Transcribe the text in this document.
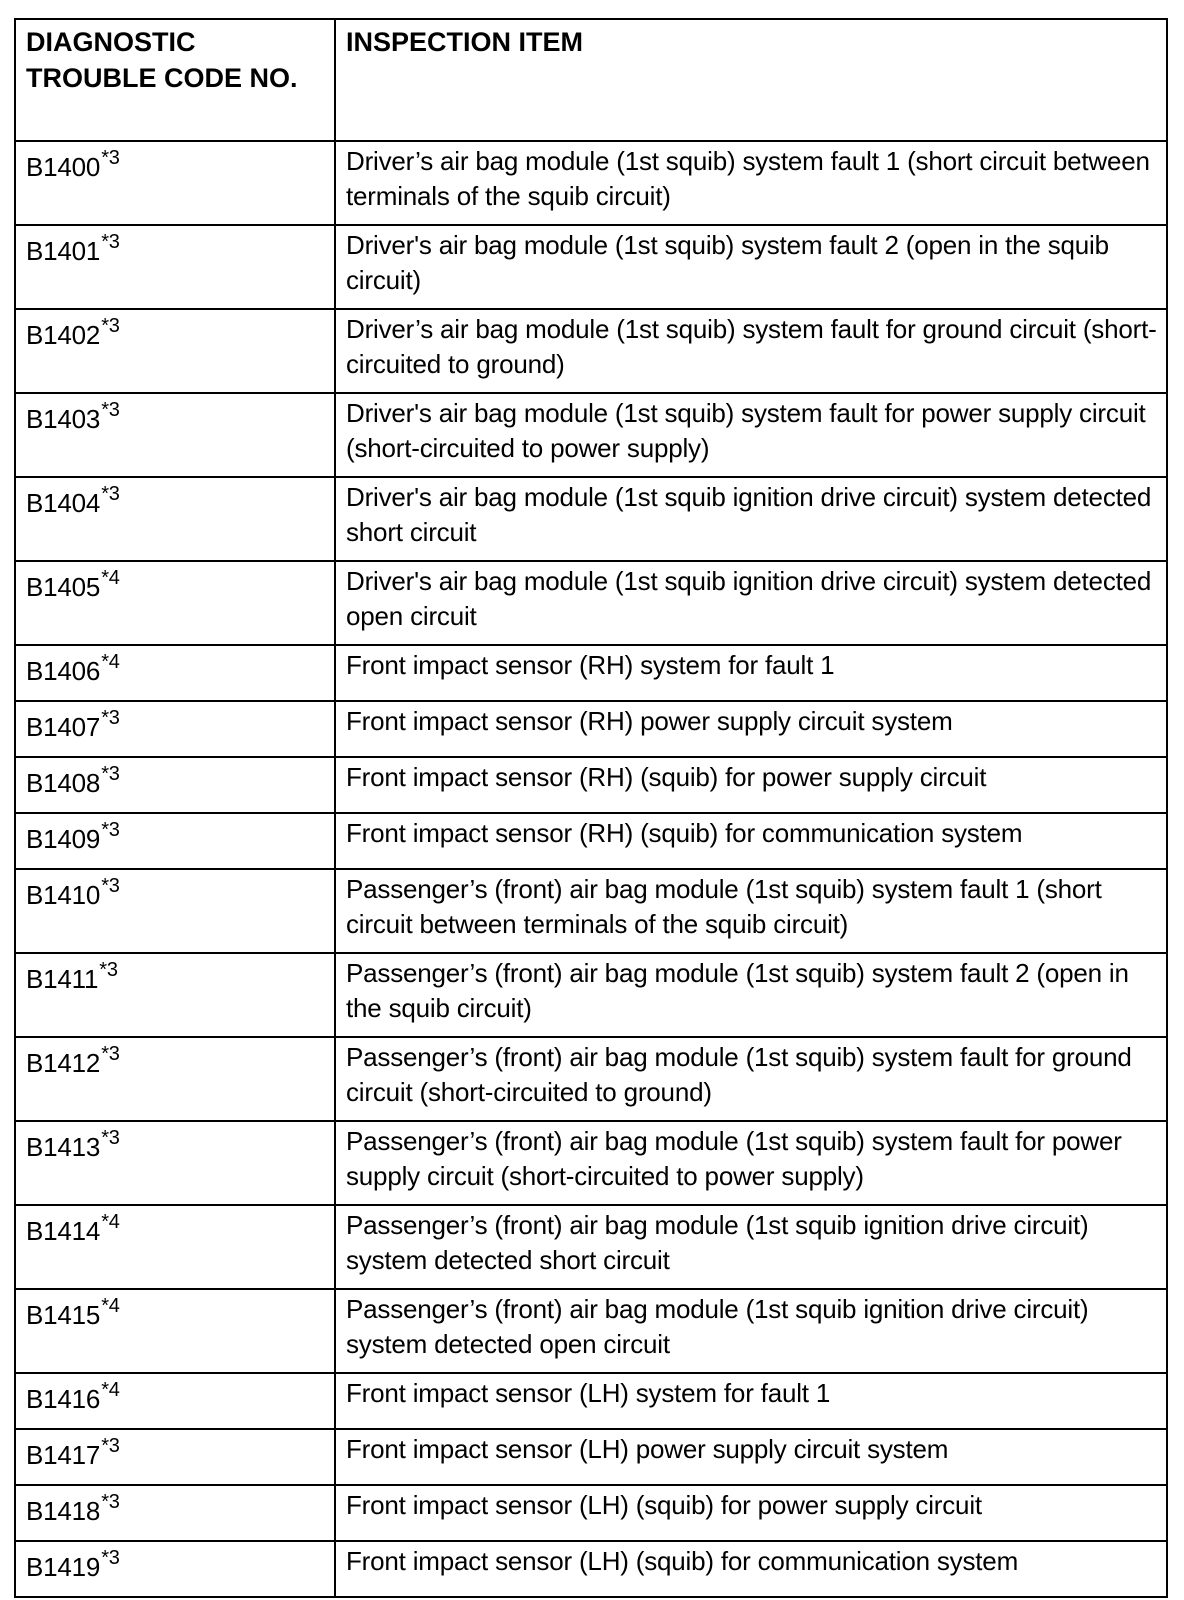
DIAGNOSTIC TROUBLE CODE NO.	INSPECTION ITEM
B1400$^{*3}$	Driver’s air bag module (1st squib) system fault 1 (short circuit between terminals of the squib circuit)
B1401$^{*3}$	Driver's air bag module (1st squib) system fault 2 (open in the squib circuit)
B1402$^{*3}$	Driver’s air bag module (1st squib) system fault for ground circuit (short-circuited to ground)
B1403$^{*3}$	Driver's air bag module (1st squib) system fault for power supply circuit (short-circuited to power supply)
B1404$^{*3}$	Driver's air bag module (1st squib ignition drive circuit) system detected short circuit
B1405$^{*4}$	Driver's air bag module (1st squib ignition drive circuit) system detected open circuit
B1406$^{*4}$	Front impact sensor (RH) system for fault 1
B1407$^{*3}$	Front impact sensor (RH) power supply circuit system
B1408$^{*3}$	Front impact sensor (RH) (squib) for power supply circuit
B1409$^{*3}$	Front impact sensor (RH) (squib) for communication system
B1410$^{*3}$	Passenger’s (front) air bag module (1st squib) system fault 1 (short circuit between terminals of the squib circuit)
B1411$^{*3}$	Passenger’s (front) air bag module (1st squib) system fault 2 (open in the squib circuit)
B1412$^{*3}$	Passenger’s (front) air bag module (1st squib) system fault for ground circuit (short-circuited to ground)
B1413$^{*3}$	Passenger’s (front) air bag module (1st squib) system fault for power supply circuit (short-circuited to power supply)
B1414$^{*4}$	Passenger’s (front) air bag module (1st squib ignition drive circuit) system detected short circuit
B1415$^{*4}$	Passenger’s (front) air bag module (1st squib ignition drive circuit) system detected open circuit
B1416$^{*4}$	Front impact sensor (LH) system for fault 1
B1417$^{*3}$	Front impact sensor (LH) power supply circuit system
B1418$^{*3}$	Front impact sensor (LH) (squib) for power supply circuit
B1419$^{*3}$	Front impact sensor (LH) (squib) for communication system
